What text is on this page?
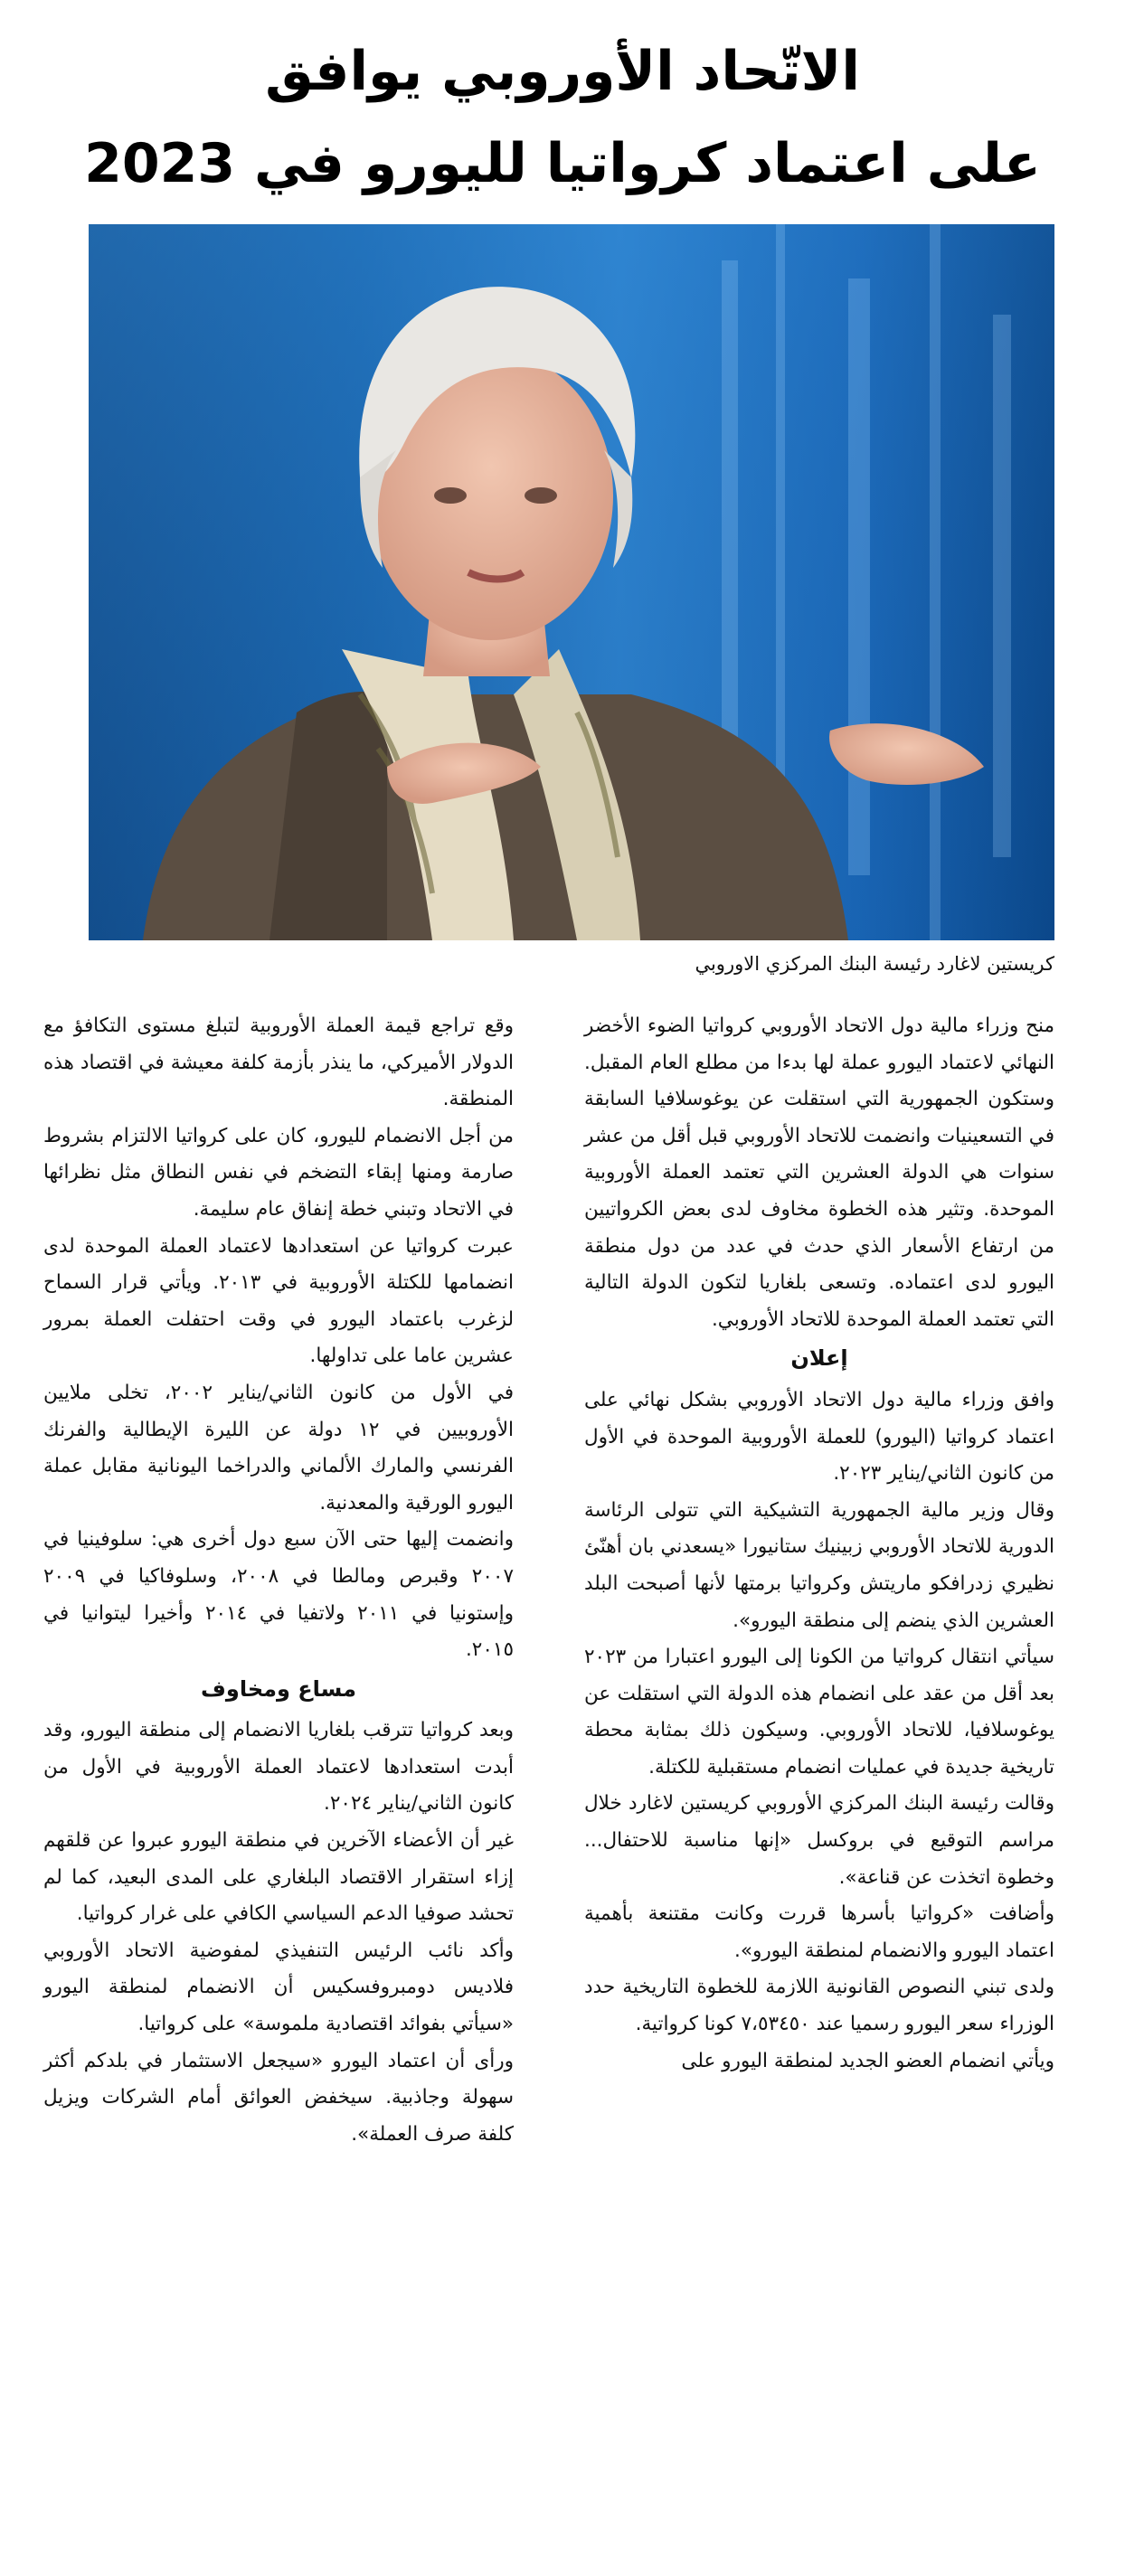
الاتّحاد الأوروبي يوافق
على اعتماد كرواتيا لليورو في 2023
كريستين لاغارد رئيسة البنك المركزي الاوروبي

منح وزراء مالية دول الاتحاد الأوروبي كرواتيا الضوء الأخضر النهائي لاعتماد اليورو عملة لها بدءا من مطلع العام المقبل. وستكون الجمهورية التي استقلت عن يوغوسلافيا السابقة في التسعينيات وانضمت للاتحاد الأوروبي قبل أقل من عشر سنوات هي الدولة العشرين التي تعتمد العملة الأوروبية الموحدة. وتثير هذه الخطوة مخاوف لدى بعض الكرواتيين من ارتفاع الأسعار الذي حدث في عدد من دول منطقة اليورو لدى اعتماده. وتسعى بلغاريا لتكون الدولة التالية التي تعتمد العملة الموحدة للاتحاد الأوروبي.

إعلان

وافق وزراء مالية دول الاتحاد الأوروبي بشكل نهائي على اعتماد كرواتيا (اليورو) للعملة الأوروبية الموحدة في الأول من كانون الثاني/يناير ٢٠٢٣.

وقال وزير مالية الجمهورية التشيكية التي تتولى الرئاسة الدورية للاتحاد الأوروبي زبينيك ستانيورا «يسعدني بان أهنّئ نظيري زدرافكو ماريتش وكرواتيا برمتها لأنها أصبحت البلد العشرين الذي ينضم إلى منطقة اليورو».

سيأتي انتقال كرواتيا من الكونا إلى اليورو اعتبارا من ٢٠٢٣ بعد أقل من عقد على انضمام هذه الدولة التي استقلت عن يوغوسلافيا، للاتحاد الأوروبي. وسيكون ذلك بمثابة محطة تاريخية جديدة في عمليات انضمام مستقبلية للكتلة.

وقالت رئيسة البنك المركزي الأوروبي كريستين لاغارد خلال مراسم التوقيع في بروكسل «إنها مناسبة للاحتفال... وخطوة اتخذت عن قناعة».

وأضافت «كرواتيا بأسرها قررت وكانت مقتنعة بأهمية اعتماد اليورو والانضمام لمنطقة اليورو».

ولدى تبني النصوص القانونية اللازمة للخطوة التاريخية حدد الوزراء سعر اليورو رسميا عند ٧،٥٣٤٥٠ كونا كرواتية.

ويأتي انضمام العضو الجديد لمنطقة اليورو على

وقع تراجع قيمة العملة الأوروبية لتبلغ مستوى التكافؤ مع الدولار الأميركي، ما ينذر بأزمة كلفة معيشة في اقتصاد هذه المنطقة.

من أجل الانضمام لليورو، كان على كرواتيا الالتزام بشروط صارمة ومنها إبقاء التضخم في نفس النطاق مثل نظرائها في الاتحاد وتبني خطة إنفاق عام سليمة.

عبرت كرواتيا عن استعدادها لاعتماد العملة الموحدة لدى انضمامها للكتلة الأوروبية في ٢٠١٣. ويأتي قرار السماح لزغرب باعتماد اليورو في وقت احتفلت العملة بمرور عشرين عاما على تداولها.

في الأول من كانون الثاني/يناير ٢٠٠٢، تخلى ملايين الأوروبيين في ١٢ دولة عن الليرة الإيطالية والفرنك الفرنسي والمارك الألماني والدراخما اليونانية مقابل عملة اليورو الورقية والمعدنية.

وانضمت إليها حتى الآن سبع دول أخرى هي: سلوفينيا في ٢٠٠٧ وقبرص ومالطا في ٢٠٠٨، وسلوفاكيا في ٢٠٠٩ وإستونيا في ٢٠١١ ولاتفيا في ٢٠١٤ وأخيرا ليتوانيا في ٢٠١٥.

مساع ومخاوف

وبعد كرواتيا تترقب بلغاريا الانضمام إلى منطقة اليورو، وقد أبدت استعدادها لاعتماد العملة الأوروبية في الأول من كانون الثاني/يناير ٢٠٢٤.

غير أن الأعضاء الآخرين في منطقة اليورو عبروا عن قلقهم إزاء استقرار الاقتصاد البلغاري على المدى البعيد، كما لم تحشد صوفيا الدعم السياسي الكافي على غرار كرواتيا.

وأكد نائب الرئيس التنفيذي لمفوضية الاتحاد الأوروبي فلاديس دومبروفسكيس أن الانضمام لمنطقة اليورو «سيأتي بفوائد اقتصادية ملموسة» على كرواتيا.

ورأى أن اعتماد اليورو «سيجعل الاستثمار في بلدكم أكثر سهولة وجاذبية. سيخفض العوائق أمام الشركات ويزيل كلفة صرف العملة».
